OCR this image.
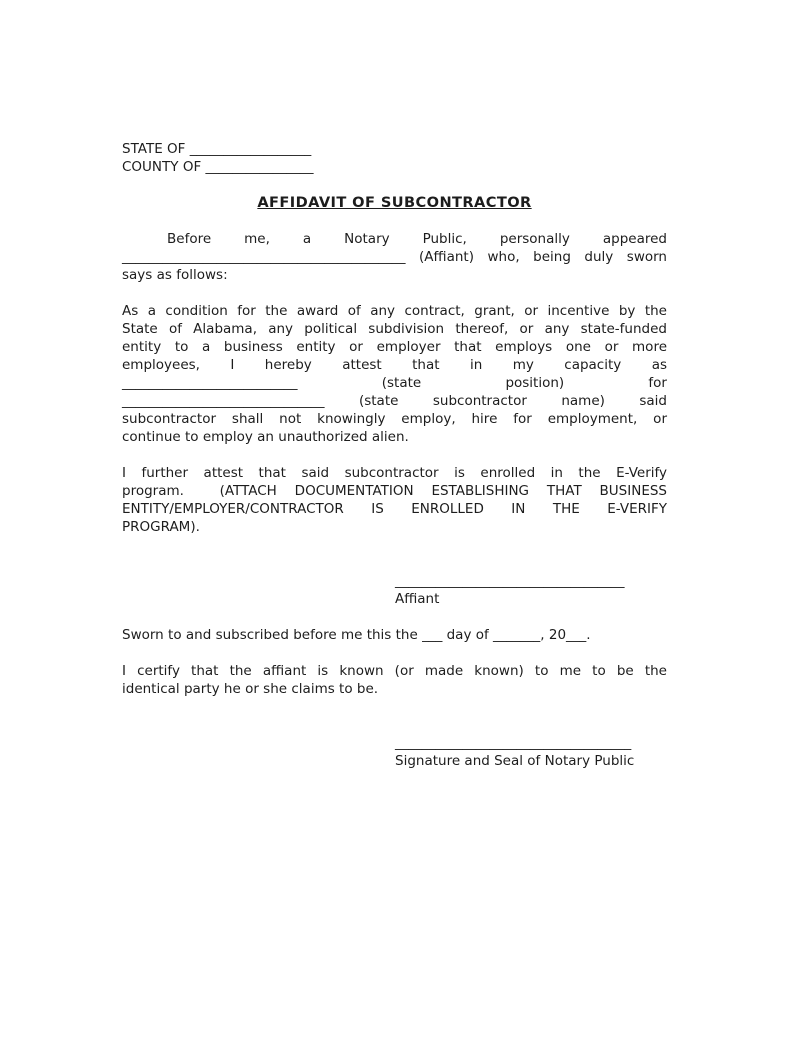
STATE OF __________________
COUNTY OF ________________
AFFIDAVIT OF SUBCONTRACTOR
Before me, a Notary Public, personally appeared
__________________________________________ (Affiant) who, being duly sworn
says as follows:
As a condition for the award of any contract, grant, or incentive by the
State of Alabama, any political subdivision thereof, or any state-funded
entity to a business entity or employer that employs one or more
employees, I hereby attest that in my capacity as
__________________________ (state position) for
______________________________ (state subcontractor name) said
subcontractor shall not knowingly employ, hire for employment, or
continue to employ an unauthorized alien.
I further attest that said subcontractor is enrolled in the E-Verify
program.  (ATTACH DOCUMENTATION ESTABLISHING THAT BUSINESS
ENTITY/EMPLOYER/CONTRACTOR IS ENROLLED IN THE E-VERIFY
PROGRAM).
__________________________________
Affiant
Sworn to and subscribed before me this the ___ day of _______, 20___.
I certify that the affiant is known (or made known) to me to be the
identical party he or she claims to be.
___________________________________
Signature and Seal of Notary Public
